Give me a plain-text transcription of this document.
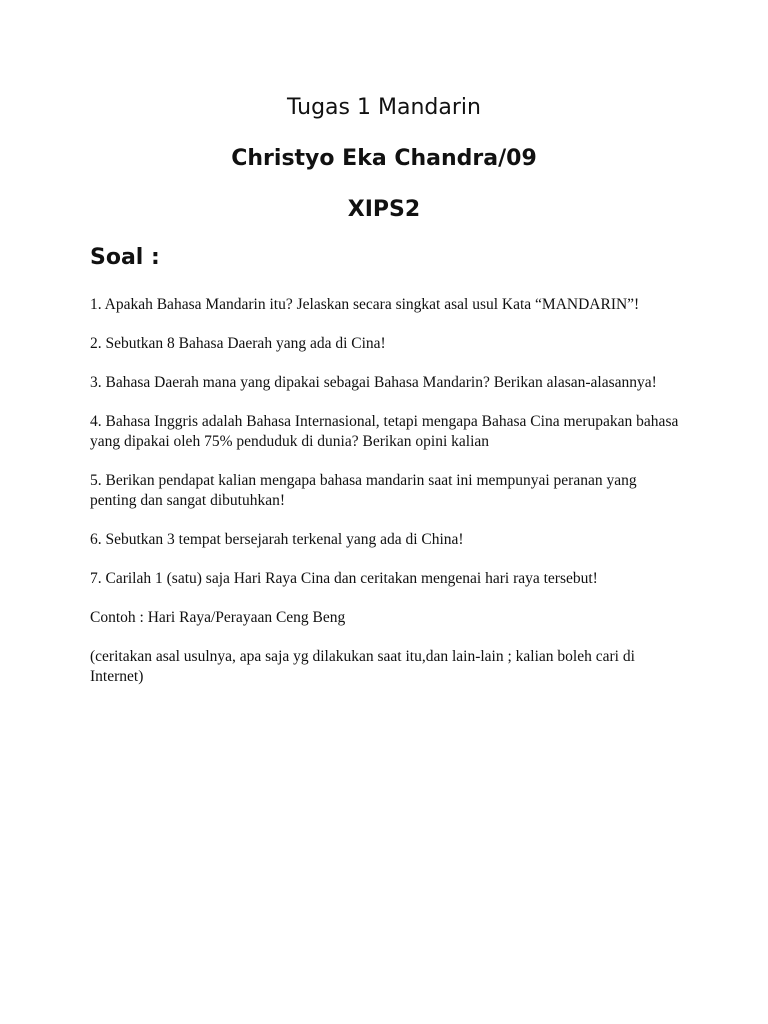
Tugas 1 Mandarin
Christyo Eka Chandra/09
XIPS2
Soal :

1. Apakah Bahasa Mandarin itu? Jelaskan secara singkat asal usul Kata “MANDARIN”!

2. Sebutkan 8 Bahasa Daerah yang ada di Cina!

3. Bahasa Daerah mana yang dipakai sebagai Bahasa Mandarin? Berikan alasan-alasannya!

4. Bahasa Inggris adalah Bahasa Internasional, tetapi mengapa Bahasa Cina merupakan bahasa yang dipakai oleh 75% penduduk di dunia? Berikan opini kalian

5. Berikan pendapat kalian mengapa bahasa mandarin saat ini mempunyai peranan yang penting dan sangat dibutuhkan!

6. Sebutkan 3 tempat bersejarah terkenal yang ada di China!

7. Carilah 1 (satu) saja Hari Raya Cina dan ceritakan mengenai hari raya tersebut!

Contoh : Hari Raya/Perayaan Ceng Beng

(ceritakan asal usulnya, apa saja yg dilakukan saat itu,dan lain-lain ; kalian boleh cari di Internet)
